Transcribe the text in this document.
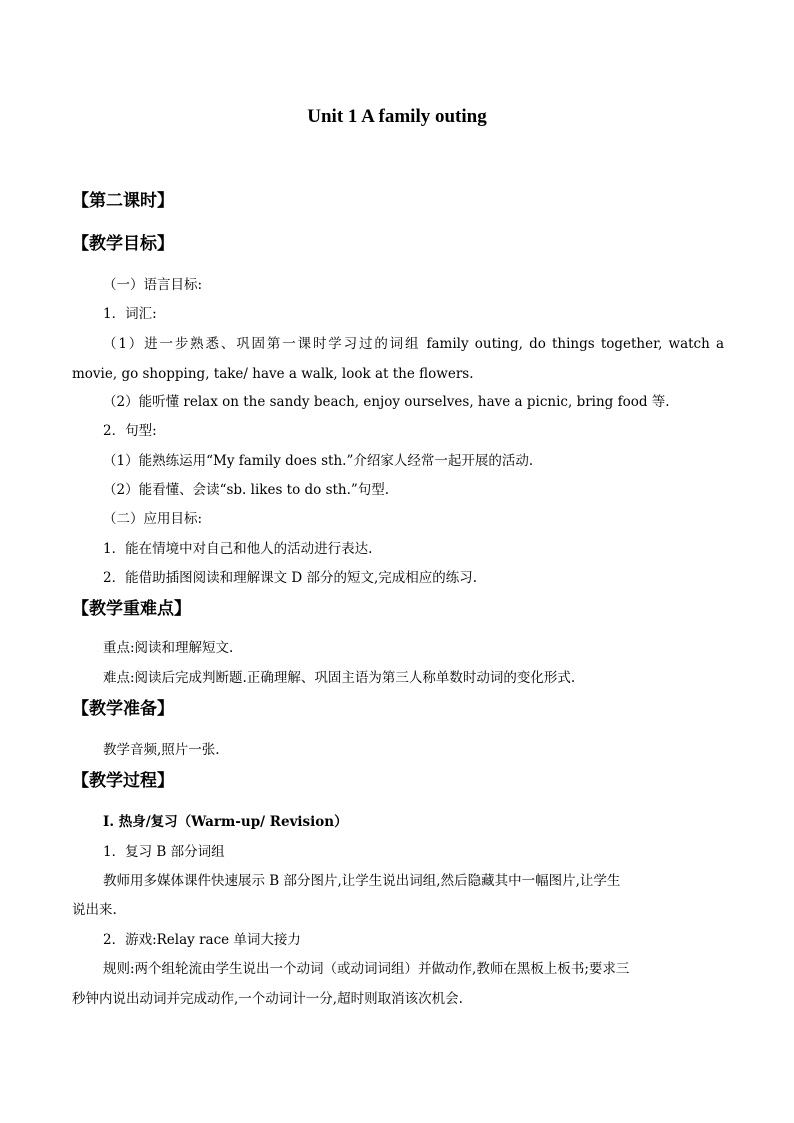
Unit 1 A family outing
【第二课时】
【教学目标】
（一）语言目标:
1．词汇:
（1）进一步熟悉、巩固第一课时学习过的词组 family outing, do things together, watch a
movie, go shopping, take/ have a walk, look at the flowers.
（2）能听懂 relax on the sandy beach, enjoy ourselves, have a picnic, bring food 等.
2．句型:
（1）能熟练运用“My family does sth.”介绍家人经常一起开展的活动.
（2）能看懂、会读“sb. likes to do sth.”句型.
（二）应用目标:
1．能在情境中对自己和他人的活动进行表达.
2．能借助插图阅读和理解课文 D 部分的短文,完成相应的练习.
【教学重难点】
重点:阅读和理解短文.
难点:阅读后完成判断题.正确理解、巩固主语为第三人称单数时动词的变化形式.
【教学准备】
教学音频,照片一张.
【教学过程】
I. 热身/复习（Warm-up/ Revision）
1．复习 B 部分词组
教师用多媒体课件快速展示 B 部分图片,让学生说出词组,然后隐藏其中一幅图片,让学生
说出来.
2．游戏:Relay race 单词大接力
规则:两个组轮流由学生说出一个动词（或动词词组）并做动作,教师在黑板上板书;要求三
秒钟内说出动词并完成动作,一个动词计一分,超时则取消该次机会.
